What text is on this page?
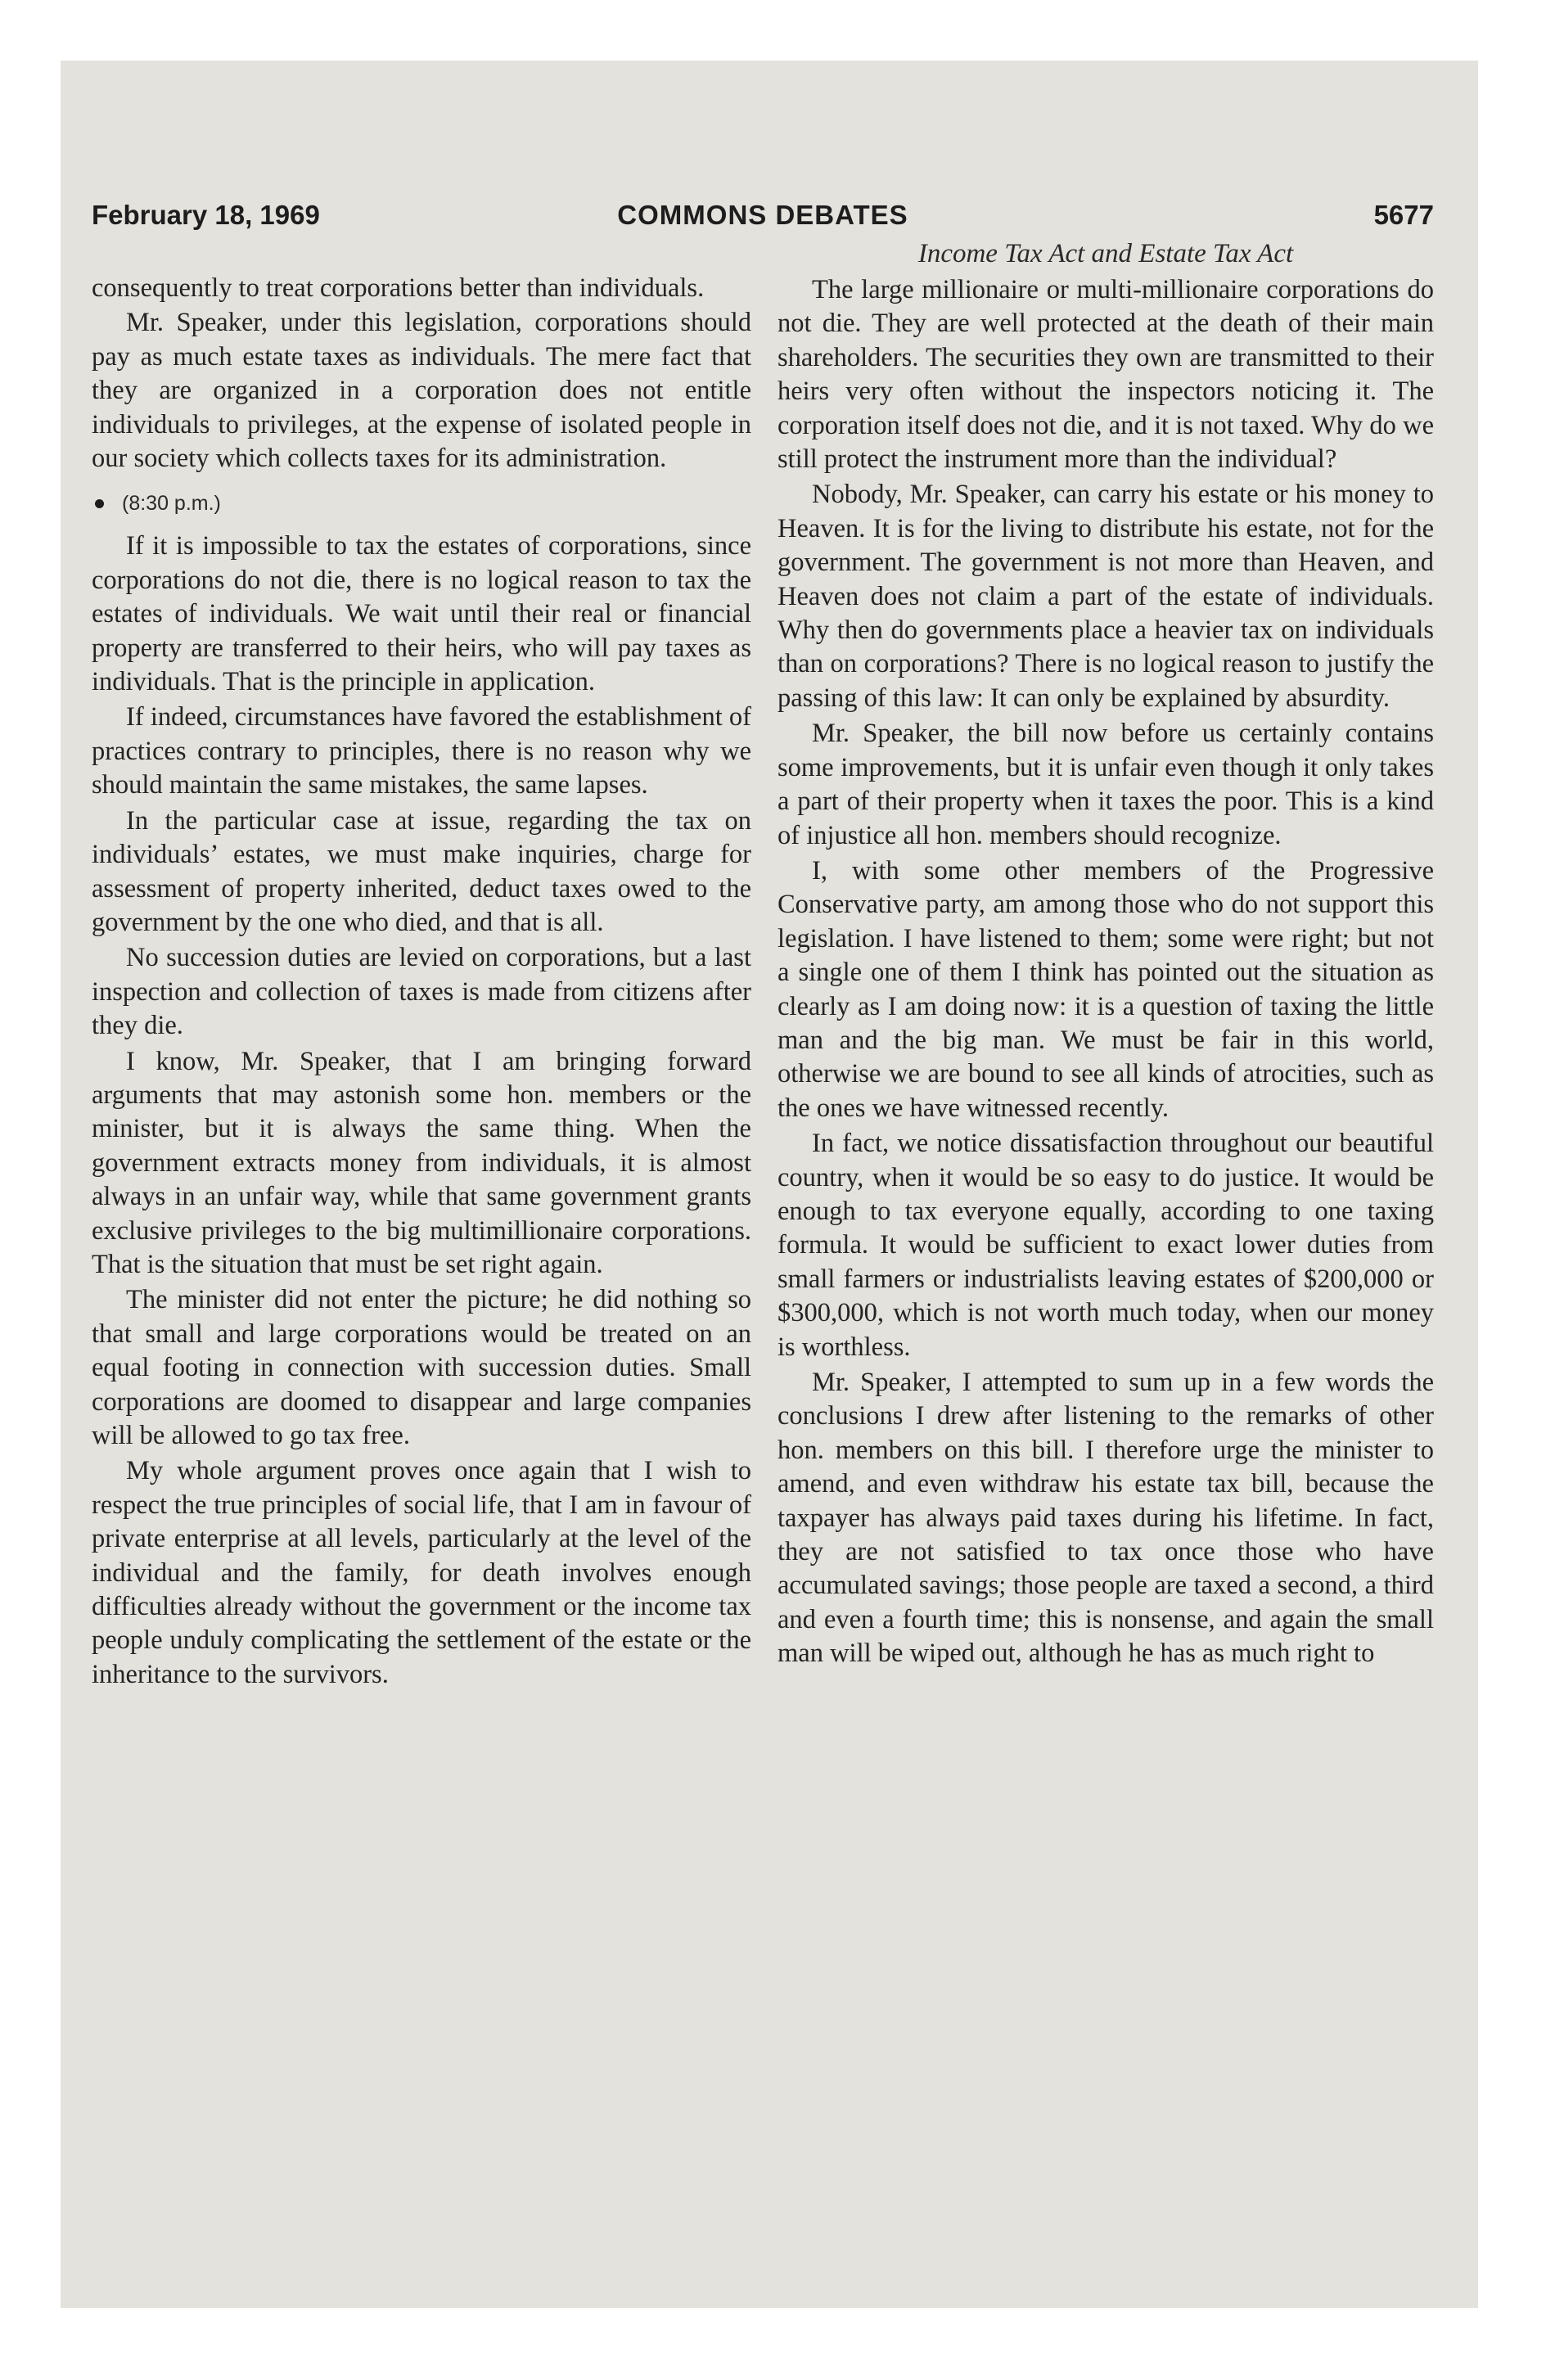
February 18, 1969	COMMONS DEBATES	5677
Income Tax Act and Estate Tax Act

consequently to treat corporations better than individuals.

Mr. Speaker, under this legislation, corporations should pay as much estate taxes as individuals. The mere fact that they are organized in a corporation does not entitle individuals to privileges, at the expense of isolated people in our society which collects taxes for its administration.

(8:30 p.m.)

If it is impossible to tax the estates of corporations, since corporations do not die, there is no logical reason to tax the estates of individuals. We wait until their real or financial property are transferred to their heirs, who will pay taxes as individuals. That is the principle in application.

If indeed, circumstances have favored the establishment of practices contrary to principles, there is no reason why we should maintain the same mistakes, the same lapses.

In the particular case at issue, regarding the tax on individuals’ estates, we must make inquiries, charge for assessment of property inherited, deduct taxes owed to the government by the one who died, and that is all.

No succession duties are levied on corporations, but a last inspection and collection of taxes is made from citizens after they die.

I know, Mr. Speaker, that I am bringing forward arguments that may astonish some hon. members or the minister, but it is always the same thing. When the government extracts money from individuals, it is almost always in an unfair way, while that same government grants exclusive privileges to the big multimillionaire corporations. That is the situation that must be set right again.

The minister did not enter the picture; he did nothing so that small and large corporations would be treated on an equal footing in connection with succession duties. Small corporations are doomed to disappear and large companies will be allowed to go tax free.

My whole argument proves once again that I wish to respect the true principles of social life, that I am in favour of private enterprise at all levels, particularly at the level of the individual and the family, for death involves enough difficulties already without the government or the income tax people unduly complicating the settlement of the estate or the inheritance to the survivors.

The large millionaire or multi-millionaire corporations do not die. They are well protected at the death of their main shareholders. The securities they own are transmitted to their heirs very often without the inspectors noticing it. The corporation itself does not die, and it is not taxed. Why do we still protect the instrument more than the individual?

Nobody, Mr. Speaker, can carry his estate or his money to Heaven. It is for the living to distribute his estate, not for the government. The government is not more than Heaven, and Heaven does not claim a part of the estate of individuals. Why then do governments place a heavier tax on individuals than on corporations? There is no logical reason to justify the passing of this law: It can only be explained by absurdity.

Mr. Speaker, the bill now before us certainly contains some improvements, but it is unfair even though it only takes a part of their property when it taxes the poor. This is a kind of injustice all hon. members should recognize.

I, with some other members of the Progressive Conservative party, am among those who do not support this legislation. I have listened to them; some were right; but not a single one of them I think has pointed out the situation as clearly as I am doing now: it is a question of taxing the little man and the big man. We must be fair in this world, otherwise we are bound to see all kinds of atrocities, such as the ones we have witnessed recently.

In fact, we notice dissatisfaction throughout our beautiful country, when it would be so easy to do justice. It would be enough to tax everyone equally, according to one taxing formula. It would be sufficient to exact lower duties from small farmers or industrialists leaving estates of $200,000 or $300,000, which is not worth much today, when our money is worthless.

Mr. Speaker, I attempted to sum up in a few words the conclusions I drew after listening to the remarks of other hon. members on this bill. I therefore urge the minister to amend, and even withdraw his estate tax bill, because the taxpayer has always paid taxes during his lifetime. In fact, they are not satisfied to tax once those who have accumulated savings; those people are taxed a second, a third and even a fourth time; this is nonsense, and again the small man will be wiped out, although he has as much right to
